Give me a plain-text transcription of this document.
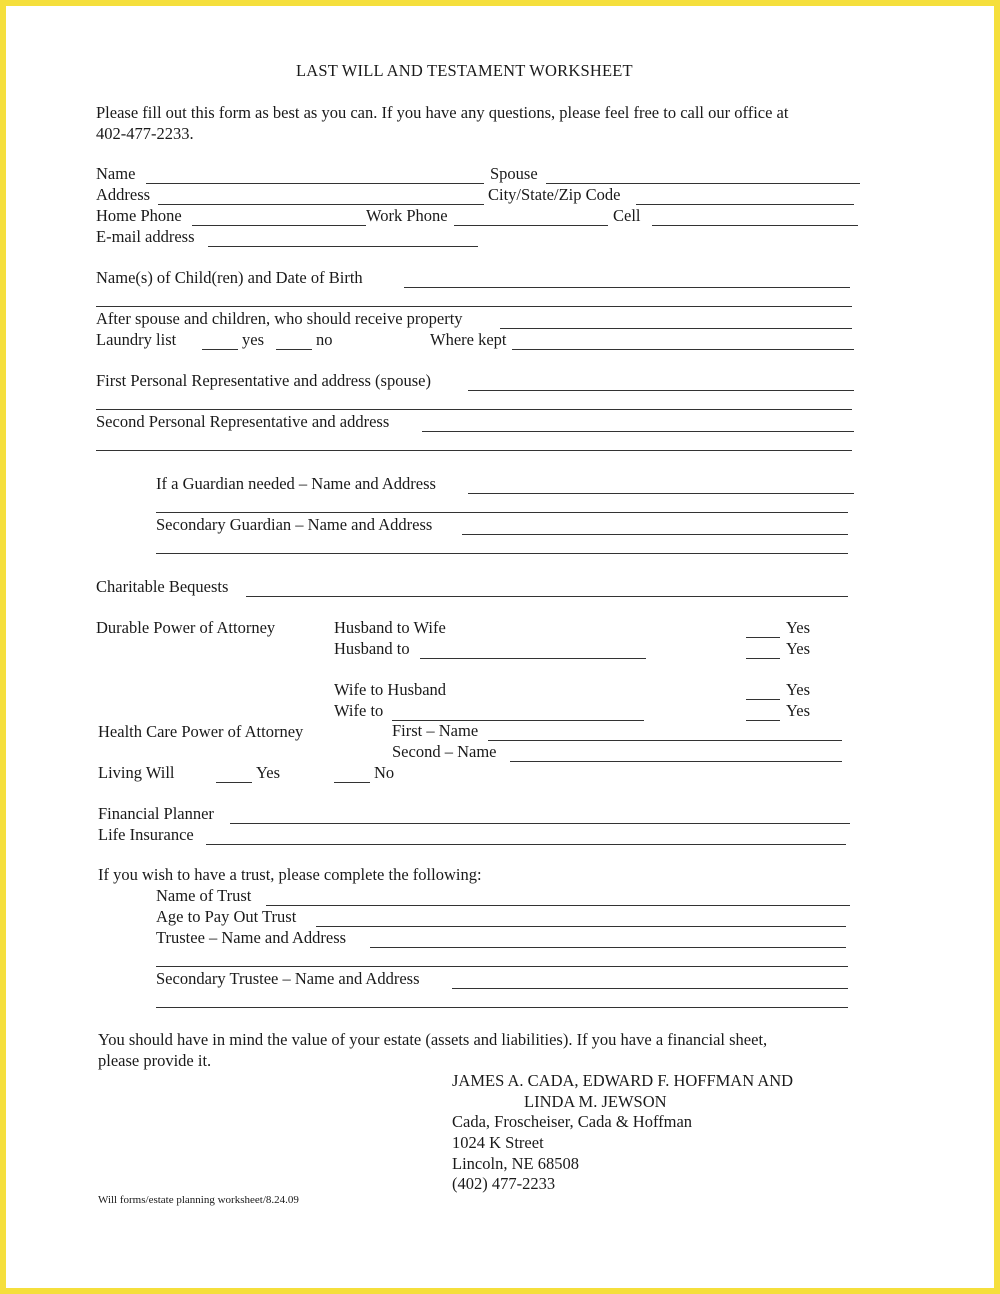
LAST WILL AND TESTAMENT WORKSHEET
Please fill out this form as best as you can. If you have any questions, please feel free to call our office at
402-477-2233.
Name	Spouse
Address	City/State/Zip Code
Home Phone	Work Phone	Cell
E-mail address
Name(s) of Child(ren) and Date of Birth
After spouse and children, who should receive property
Laundry list	yes	no	Where kept
First Personal Representative and address (spouse)
Second Personal Representative and address
If a Guardian needed – Name and Address
Secondary Guardian – Name and Address
Charitable Bequests
Durable Power of Attorney	Husband to Wife	Yes
Husband to	Yes
Wife to Husband	Yes
Wife to	Yes
Health Care Power of Attorney	First – Name
Second – Name
Living Will	Yes	No
Financial Planner
Life Insurance
If you wish to have a trust, please complete the following:
Name of Trust
Age to Pay Out Trust
Trustee – Name and Address
Secondary Trustee – Name and Address
You should have in mind the value of your estate (assets and liabilities). If you have a financial sheet,
please provide it.
JAMES A. CADA, EDWARD F. HOFFMAN AND
LINDA M. JEWSON
Cada, Froscheiser, Cada & Hoffman
1024 K Street
Lincoln, NE 68508
(402) 477-2233
Will forms/estate planning worksheet/8.24.09
